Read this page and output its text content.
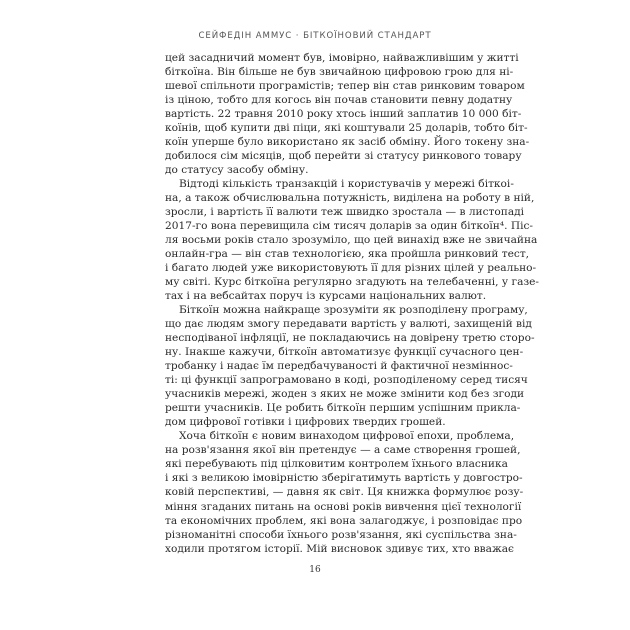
СЕЙФЕДІН АММУС · БІТКОЇНОВИЙ СТАНДАРТ
цей засадничий момент був, імовірно, найважливішим у житті
біткоїна. Він більше не був звичайною цифровою грою для ні-
шевої спільноти програмістів; тепер він став ринковим товаром
із ціною, тобто для когось він почав становити певну додатну
вартість. 22 травня 2010 року хтось інший заплатив 10 000 біт-
коїнів, щоб купити дві піци, які коштували 25 доларів, тобто біт-
коїн уперше було використано як засіб обміну. Його токену зна-
добилося сім місяців, щоб перейти зі статусу ринкового товару
до статусу засобу обміну.
Відтоді кількість транзакцій і користувачів у мережі біткоі-
на, а також обчислювальна потужність, виділена на роботу в ній,
зросли, і вартість її валюти теж швидко зростала — в листопаді
2017-го вона перевищила сім тисяч доларів за один біткоїн⁴. Піс-
ля восьми років стало зрозуміло, що цей винахід вже не звичайна
онлайн-гра — він став технологією, яка пройшла ринковий тест,
і багато людей уже використовують її для різних цілей у реально-
му світі. Курс біткоїна регулярно згадують на телебаченні, у газе-
тах і на вебсайтах поруч із курсами національних валют.
Біткоїн можна найкраще зрозуміти як розподілену програму,
що дає людям змогу передавати вартість у валюті, захищеній від
несподіваної інфляції, не покладаючись на довірену третю сторо-
ну. Інакше кажучи, біткоїн автоматизує функції сучасного цен-
тробанку і надає їм передбачуваності й фактичної незміннос-
ті: ці функції запрограмовано в коді, розподіленому серед тисяч
учасників мережі, жоден з яких не може змінити код без згоди
решти учасників. Це робить біткоїн першим успішним прикла-
дом цифрової готівки і цифрових твердих грошей.
Хоча біткоїн є новим винаходом цифрової епохи, проблема,
на розв'язання якої він претендує — а саме створення грошей,
які перебувають під цілковитим контролем їхнього власника
і які з великою імовірністю зберігатимуть вартість у довгостро-
ковій перспективі, — давня як світ. Ця книжка формулює розу-
міння згаданих питань на основі років вивчення цієї технології
та економічних проблем, які вона залагоджує, і розповідає про
різноманітні способи їхнього розв'язання, які суспільства зна-
ходили протягом історії. Мій висновок здивує тих, хто вважає
16
